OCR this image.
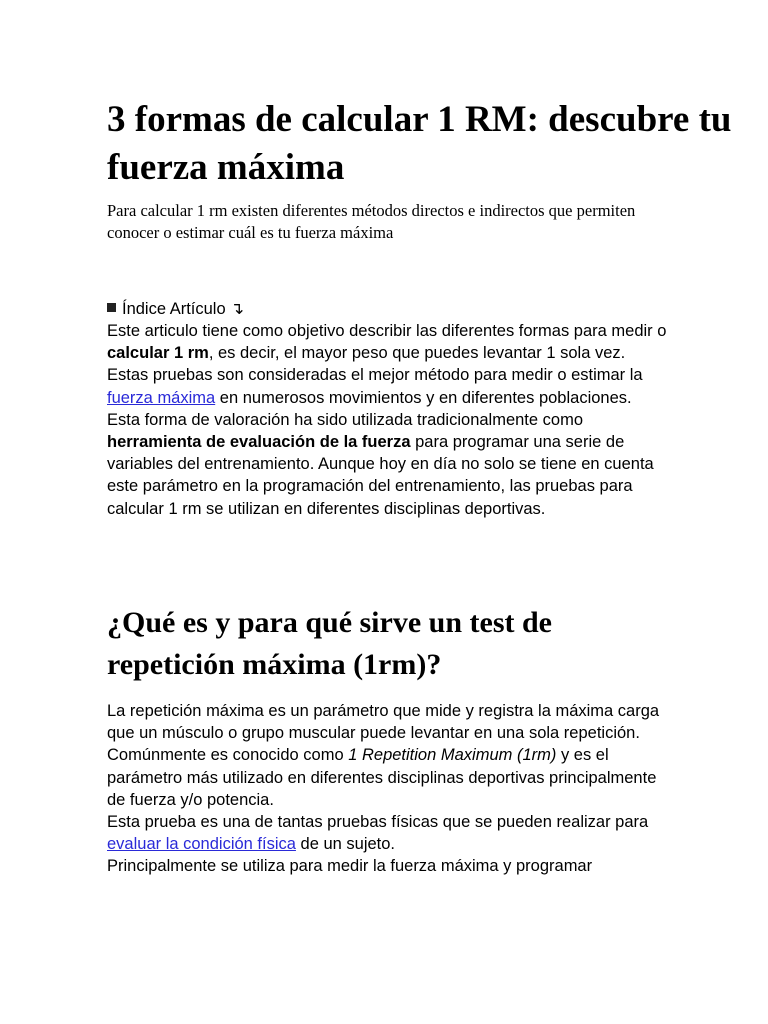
3 formas de calcular 1 RM: descubre tu fuerza máxima
Para calcular 1 rm existen diferentes métodos directos e indirectos que permiten conocer o estimar cuál es tu fuerza máxima
Índice Artículo ↴

Este articulo tiene como objetivo describir las diferentes formas para medir o calcular 1 rm, es decir, el mayor peso que puedes levantar 1 sola vez. Estas pruebas son consideradas el mejor método para medir o estimar la fuerza máxima en numerosos movimientos y en diferentes poblaciones.

Esta forma de valoración ha sido utilizada tradicionalmente como herramienta de evaluación de la fuerza para programar una serie de variables del entrenamiento. Aunque hoy en día no solo se tiene en cuenta este parámetro en la programación del entrenamiento, las pruebas para calcular 1 rm se utilizan en diferentes disciplinas deportivas.

¿Qué es y para qué sirve un test de repetición máxima (1rm)?

La repetición máxima es un parámetro que mide y registra la máxima carga que un músculo o grupo muscular puede levantar en una sola repetición. Comúnmente es conocido como 1 Repetition Maximum (1rm) y es el parámetro más utilizado en diferentes disciplinas deportivas principalmente de fuerza y/o potencia.

Esta prueba es una de tantas pruebas físicas que se pueden realizar para evaluar la condición física de un sujeto.

Principalmente se utiliza para medir la fuerza máxima y programar
